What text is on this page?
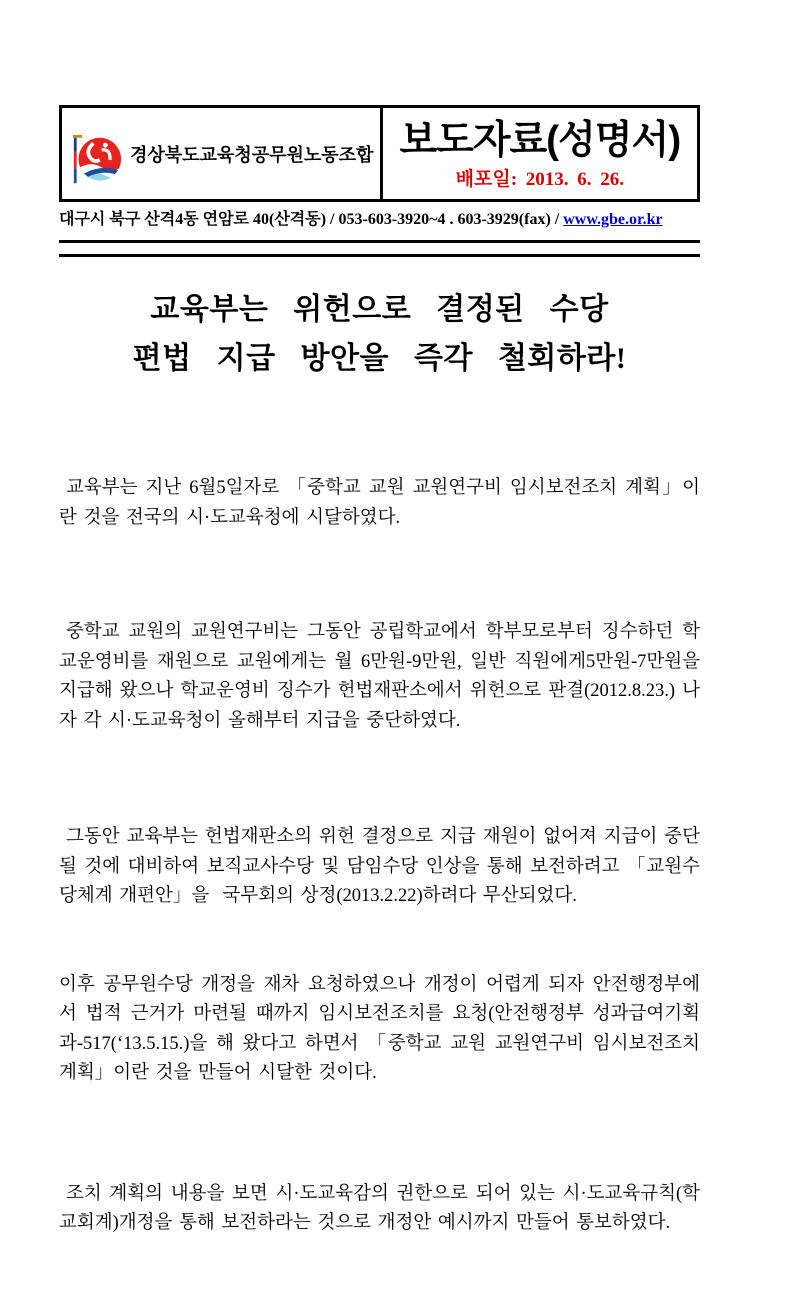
경상북도교육청공무원노동조합 보도자료(성명서)
배포일: 2013. 6. 26.
대구시 북구 산격4동 연암로 40(산격동) / 053-603-3920~4 . 603-3929(fax) / www.gbe.or.kr
교육부는 위헌으로 결정된 수당
편법 지급 방안을 즉각 철회하라!

교육부는 지난 6월5일자로 「중학교 교원 교원연구비 임시보전조치 계획」이란 것을 전국의 시·도교육청에 시달하였다.

중학교 교원의 교원연구비는 그동안 공립학교에서 학부모로부터 징수하던 학교운영비를 재원으로 교원에게는 월 6만원-9만원, 일반 직원에게5만원-7만원을 지급해 왔으나 학교운영비 징수가 헌법재판소에서 위헌으로 판결(2012.8.23.) 나자 각 시·도교육청이 올해부터 지급을 중단하였다.

그동안 교육부는 헌법재판소의 위헌 결정으로 지급 재원이 없어져 지급이 중단될 것에 대비하여 보직교사수당 및 담임수당 인상을 통해 보전하려고 「교원수당체계 개편안」을  국무회의 상정(2013.2.22)하려다 무산되었다.

이후 공무원수당 개정을 재차 요청하였으나 개정이 어렵게 되자 안전행정부에서 법적 근거가 마련될 때까지 임시보전조치를 요청(안전행정부 성과급여기획과-517(‘13.5.15.)을 해 왔다고 하면서 「중학교 교원 교원연구비 임시보전조치 계획」이란 것을 만들어 시달한 것이다.

조치 계획의 내용을 보면 시·도교육감의 권한으로 되어 있는 시·도교육규칙(학교회계)개정을 통해 보전하라는 것으로 개정안 예시까지 만들어 통보하였다.
